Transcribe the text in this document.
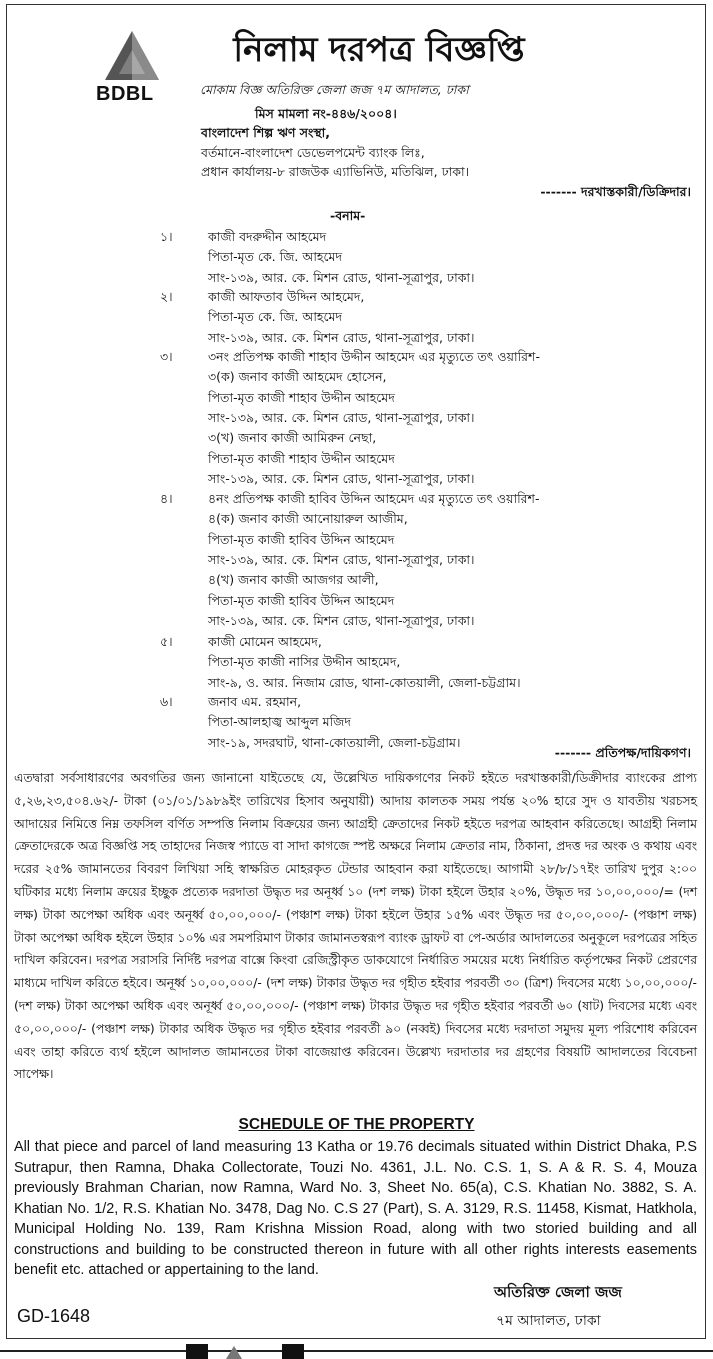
BDBL
নিলাম দরপত্র বিজ্ঞপ্তি
মোকাম বিজ্ঞ অতিরিক্ত জেলা জজ ৭ম আদালত, ঢাকা
মিস মামলা নং-৪৪৬/২০০৪।
বাংলাদেশ শিল্প ঋণ সংস্থা,
বর্তমানে-বাংলাদেশ ডেভেলপমেন্ট ব্যাংক লিঃ,
প্রধান কার্যালয়-৮ রাজউক এ্যাভিনিউ, মতিঝিল, ঢাকা।
------- দরখাস্তকারী/ডিক্রিদার।
-বনাম-
১।	কাজী বদরুদ্দীন আহমেদ
পিতা-মৃত কে. জি. আহমেদ
সাং-১৩৯, আর. কে. মিশন রোড, থানা-সূত্রাপুর, ঢাকা।
২।	কাজী আফতাব উদ্দিন আহমেদ,
পিতা-মৃত কে. জি. আহমেদ
সাং-১৩৯, আর. কে. মিশন রোড, থানা-সূত্রাপুর, ঢাকা।
৩।	৩নং প্রতিপক্ষ কাজী শাহাব উদ্দীন আহমেদ এর মৃত্যুতে তৎ ওয়ারিশ-
৩(ক) জনাব কাজী আহমেদ হোসেন,
পিতা-মৃত কাজী শাহাব উদ্দীন আহমেদ
সাং-১৩৯, আর. কে. মিশন রোড, থানা-সূত্রাপুর, ঢাকা।
৩(খ) জনাব কাজী আমিরুন নেছা,
পিতা-মৃত কাজী শাহাব উদ্দীন আহমেদ
সাং-১৩৯, আর. কে. মিশন রোড, থানা-সূত্রাপুর, ঢাকা।
৪।	৪নং প্রতিপক্ষ কাজী হাবিব উদ্দিন আহমেদ এর মৃত্যুতে তৎ ওয়ারিশ-
৪(ক) জনাব কাজী আনোয়ারুল আজীম,
পিতা-মৃত কাজী হাবিব উদ্দিন আহমেদ
সাং-১৩৯, আর. কে. মিশন রোড, থানা-সূত্রাপুর, ঢাকা।
৪(খ) জনাব কাজী আজগর আলী,
পিতা-মৃত কাজী হাবিব উদ্দিন আহমেদ
সাং-১৩৯, আর. কে. মিশন রোড, থানা-সূত্রাপুর, ঢাকা।
৫।	কাজী মোমেন আহমেদ,
পিতা-মৃত কাজী নাসির উদ্দীন আহমেদ,
সাং-৯, ও. আর. নিজাম রোড, থানা-কোতয়ালী, জেলা-চট্টগ্রাম।
৬।	জনাব এম. রহমান,
পিতা-আলহাজ্ব আব্দুল মজিদ
সাং-১৯, সদরঘাট, থানা-কোতয়ালী, জেলা-চট্টগ্রাম।
------- প্রতিপক্ষ/দায়িকগণ।
এতদ্বারা সর্বসাধারণের অবগতির জন্য জানানো যাইতেছে যে, উল্লেখিত দায়িকগণের নিকট হইতে দরখাস্তকারী/ডিক্রীদার ব্যাংকের প্রাপ্য ৫,২৬,২৩,৫০৪.৬২/- টাকা (০১/০১/১৯৮৯ইং তারিখের হিসাব অনুযায়ী) আদায় কালতক সময় পর্যন্ত ২০% হারে সুদ ও যাবতীয় খরচসহ আদায়ের নিমিত্তে নিম্ন তফসিল বর্ণিত সম্পত্তি নিলাম বিক্রয়ের জন্য আগ্রহী ক্রেতাদের নিকট হইতে দরপত্র আহবান করিতেছে। আগ্রহী নিলাম ক্রেতাদেরকে অত্র বিজ্ঞপ্তি সহ তাহাদের নিজস্ব প্যাডে বা সাদা কাগজে স্পষ্ট অক্ষরে নিলাম ক্রেতার নাম, ঠিকানা, প্রদত্ত দর অংক ও কথায় এবং দরের ২৫% জামানতের বিবরণ লিখিয়া সহি স্বাক্ষরিত মোহরকৃত টেন্ডার আহবান করা যাইতেছে। আগামী ২৮/৮/১৭ইং তারিখ দুপুর ২:০০ ঘটিকার মধ্যে নিলাম ক্রয়ের ইচ্ছুক প্রত্যেক দরদাতা উদ্ধৃত দর অনূর্ধ্ব ১০ (দশ লক্ষ) টাকা হইলে উহার ২০%, উদ্ধৃত দর ১০,০০,০০০/= (দশ লক্ষ) টাকা অপেক্ষা অধিক এবং অনূর্ধ্ব ৫০,০০,০০০/- (পঞ্চাশ লক্ষ) টাকা হইলে উহার ১৫% এবং উদ্ধৃত দর ৫০,০০,০০০/- (পঞ্চাশ লক্ষ) টাকা অপেক্ষা অধিক হইলে উহার ১০% এর সমপরিমাণ টাকার জামানতস্বরূপ ব্যাংক ড্রাফট বা পে-অর্ডার আদালতের অনুকূলে দরপত্রের সহিত দাখিল করিবেন। দরপত্র সরাসরি নির্দিষ্ট দরপত্র বাক্সে কিংবা রেজিস্ট্রীকৃত ডাকযোগে নির্ধারিত সময়ের মধ্যে নির্ধারিত কর্তৃপক্ষের নিকট প্রেরণের মাধ্যমে দাখিল করিতে হইবে। অনূর্ধ্ব ১০,০০,০০০/- (দশ লক্ষ) টাকার উদ্ধৃত দর গৃহীত হইবার পরবর্তী ৩০ (ত্রিশ) দিবসের মধ্যে ১০,০০,০০০/- (দশ লক্ষ) টাকা অপেক্ষা অধিক এবং অনূর্ধ্ব ৫০,০০,০০০/- (পঞ্চাশ লক্ষ) টাকার উদ্ধৃত দর গৃহীত হইবার পরবর্তী ৬০ (ষাট) দিবসের মধ্যে এবং ৫০,০০,০০০/- (পঞ্চাশ লক্ষ) টাকার অধিক উদ্ধৃত দর গৃহীত হইবার পরবর্তী ৯০ (নব্বই) দিবসের মধ্যে দরদাতা সমুদয় মূল্য পরিশোধ করিবেন এবং তাহা করিতে ব্যর্থ হইলে আদালত জামানতের টাকা বাজেয়াপ্ত করিবেন। উল্লেখ্য দরদাতার দর গ্রহণের বিষয়টি আদালতের বিবেচনা সাপেক্ষ।
SCHEDULE OF THE PROPERTY
All that piece and parcel of land measuring 13 Katha or 19.76 decimals situated within District Dhaka, P.S Sutrapur, then Ramna, Dhaka Collectorate, Touzi No. 4361, J.L. No. C.S. 1, S. A & R. S. 4, Mouza previously Brahman Charian, now Ramna, Ward No. 3, Sheet No. 65(a), C.S. Khatian No. 3882, S. A. Khatian No. 1/2, R.S. Khatian No. 3478, Dag No. C.S 27 (Part), S. A. 3129, R.S. 11458, Kismat, Hatkhola, Municipal Holding No. 139, Ram Krishna Mission Road, along with two storied building and all constructions and building to be constructed thereon in future with all other rights interests easements benefit etc. attached or appertaining to the land.
অতিরিক্ত জেলা জজ
৭ম আদালত, ঢাকা
GD-1648
